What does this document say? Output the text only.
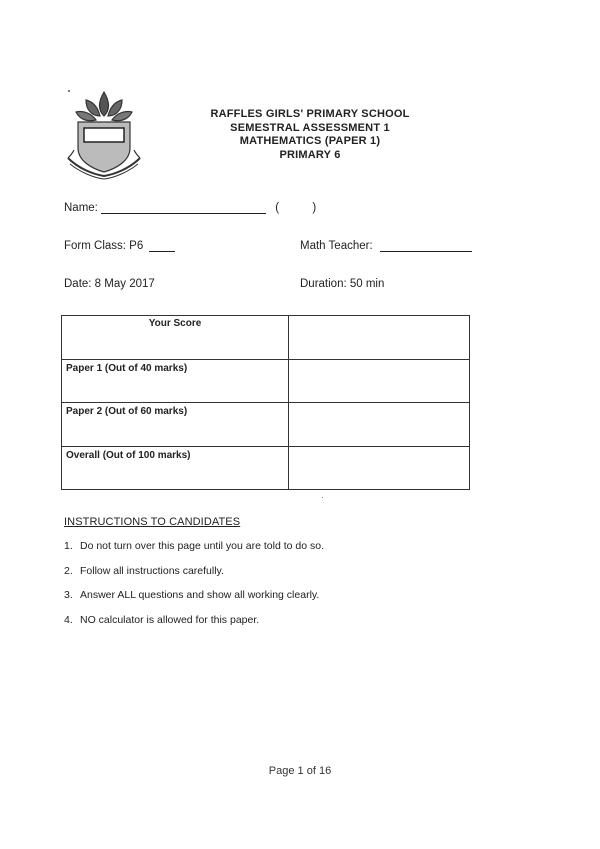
RAFFLES GIRLS' PRIMARY SCHOOL
SEMESTRAL ASSESSMENT 1
MATHEMATICS (PAPER 1)
PRIMARY 6
Name:	(	)
Form Class: P6	Math Teacher:
Date: 8 May 2017	Duration: 50 min
Your Score	
Paper 1 (Out of 40 marks)	
Paper 2 (Out of 60 marks)	
Overall (Out of 100 marks)	
INSTRUCTIONS TO CANDIDATES
1. Do not turn over this page until you are told to do so.
2. Follow all instructions carefully.
3. Answer ALL questions and show all working clearly.
4. NO calculator is allowed for this paper.
Page 1 of 16
